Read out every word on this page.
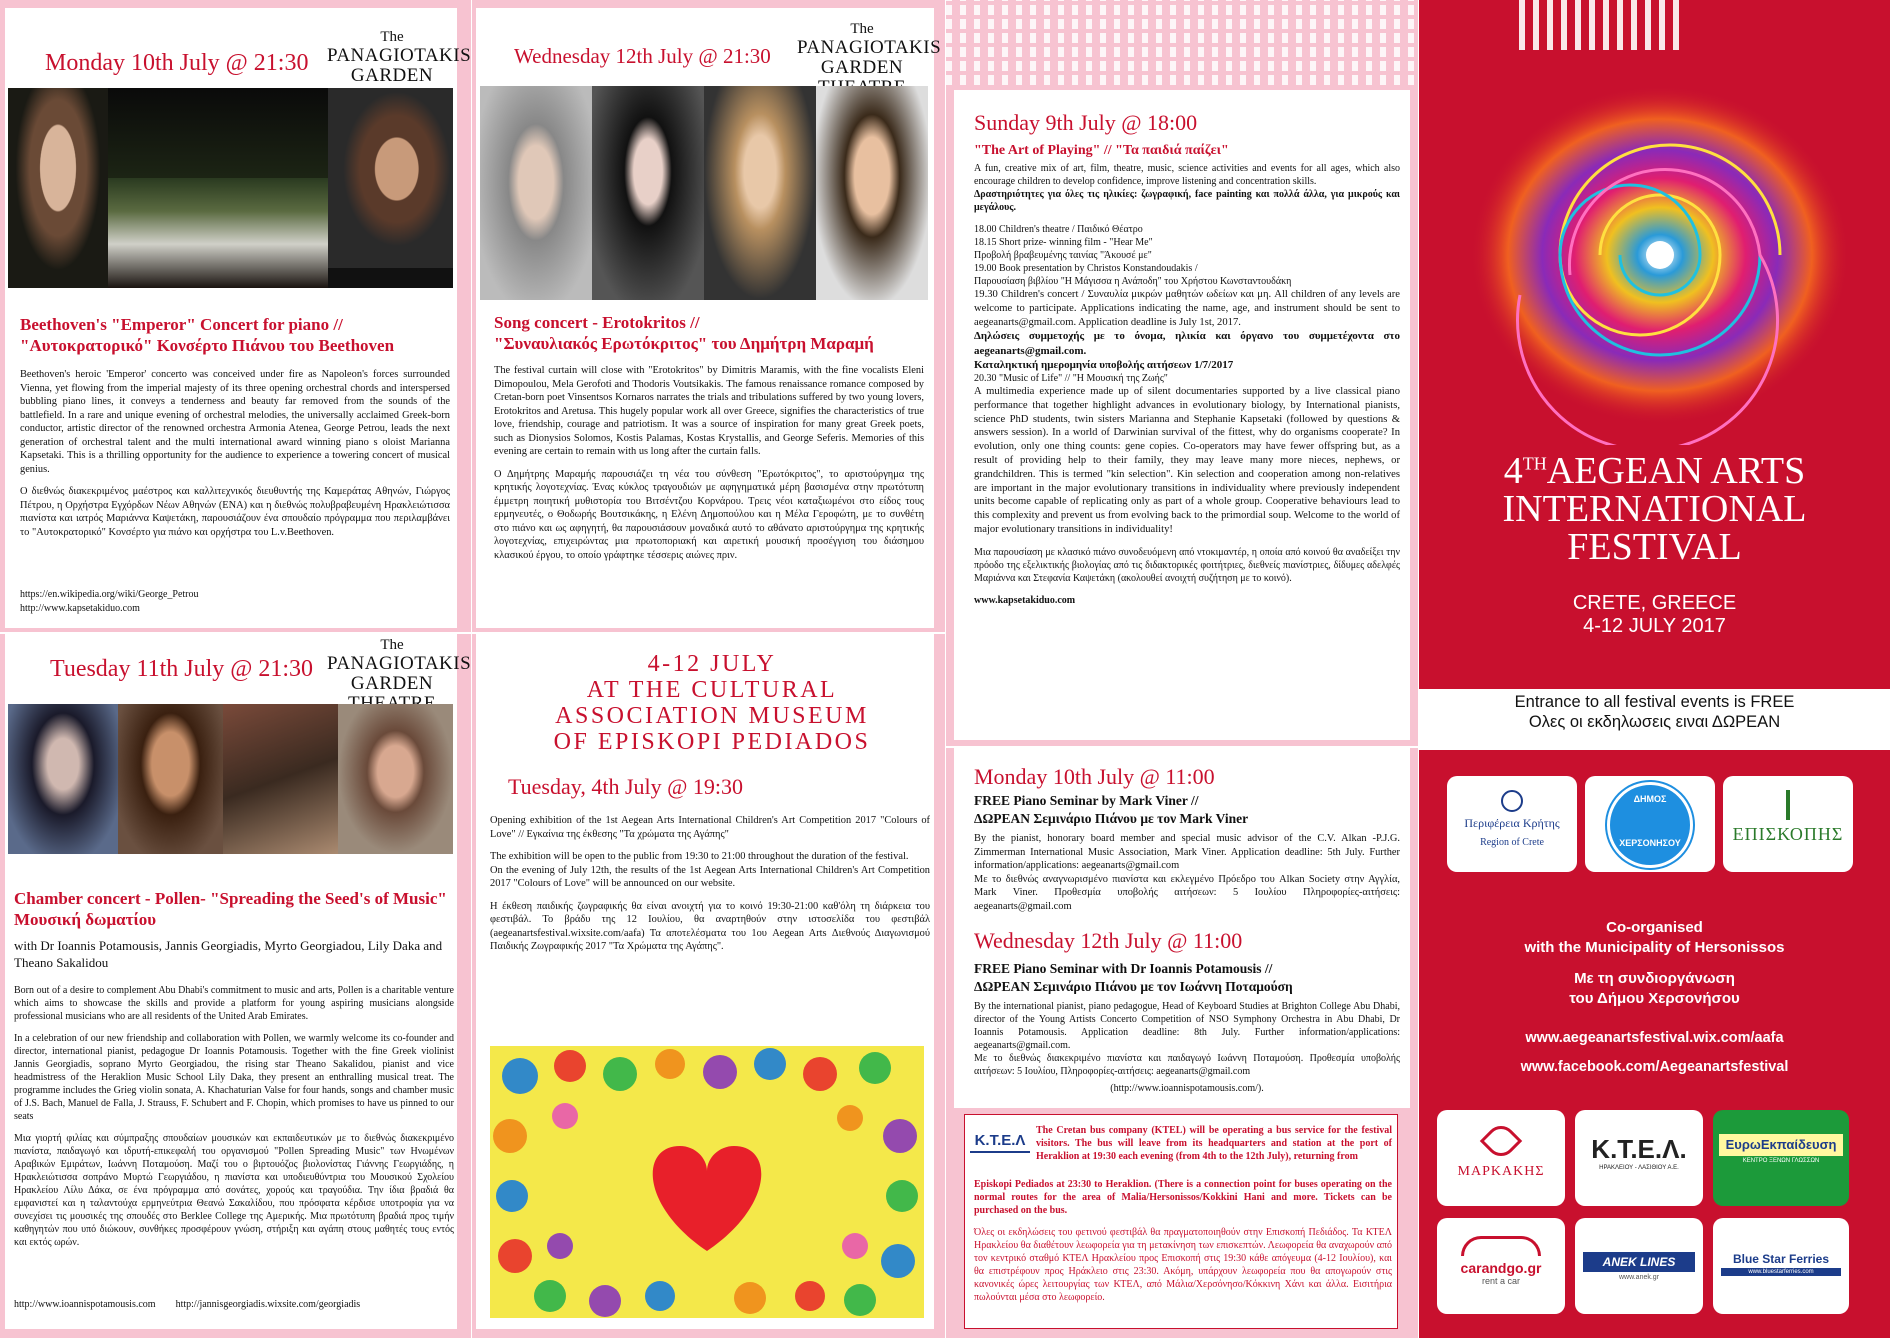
Monday 10th July @ 21:30
The
PANAGIOTAKIS
GARDEN
Beethoven's "Emperor" Concert for piano //
"Αυτοκρατορικό" Κονσέρτο Πιάνου του Beethoven

Beethoven's heroic 'Emperor' concerto was conceived under fire as Napoleon's forces surrounded Vienna, yet flowing from the imperial majesty of its three opening orchestral chords and interspersed bubbling piano lines, it conveys a tenderness and beauty far removed from the sounds of the battlefield. In a rare and unique evening of orchestral melodies, the universally acclaimed Greek-born conductor, artistic director of the renowned orchestra Armonia Atenea, George Petrou, leads the next generation of orchestral talent and the multi international award winning piano s oloist Marianna Kapsetaki. This is a thrilling opportunity for the audience to experience a towering concert of musical genius.

Ο διεθνώς διακεκριμένος μαέστρος και καλλιτεχνικός διευθυντής της Καμεράτας Αθηνών, Γιώργος Πέτρου, η Ορχήστρα Εγχόρδων Νέων Αθηνών (ΕΝΑ) και η διεθνώς πολυβραβευμένη Ηρακλειώτισσα πιανίστα και ιατρός Μαριάννα Καψετάκη, παρουσιάζουν ένα σπουδαίο πρόγραμμα που περιλαμβάνει το "Αυτοκρατορικό" Κονσέρτο για πιάνο και ορχήστρα του L.v.Beethoven.

https://en.wikipedia.org/wiki/George_Petrou
http://www.kapsetakiduo.com
Tuesday 11th July @ 21:30
The
PANAGIOTAKIS
GARDEN
Chamber concert - Pollen- "Spreading the Seed's of Music"
Μουσική δωματίου
with Dr Ioannis Potamousis, Jannis Georgiadis, Myrto Georgiadou, Lily Daka and Theano Sakalidou

Born out of a desire to complement Abu Dhabi's commitment to music and arts, Pollen is a charitable venture which aims to showcase the skills and provide a platform for young aspiring musicians alongside professional musicians who are all residents of the United Arab Emirates.

In a celebration of our new friendship and collaboration with Pollen, we warmly welcome its co-founder and director, international pianist, pedagogue Dr Ioannis Potamousis. Together with the fine Greek violinist Jannis Georgiadis, soprano Myrto Georgiadou, the rising star Theano Sakalidou, pianist and vice headmistress of the Heraklion Music School Lily Daka, they present an enthralling musical treat. The programme includes the Grieg violin sonata, A. Khachaturian Valse for four hands, songs and chamber music of J.S. Bach, Manuel de Falla, J. Strauss, F. Schubert and F. Chopin, which promises to have us pinned to our seats

Μια γιορτή φιλίας και σύμπραξης σπουδαίων μουσικών και εκπαιδευτικών με το διεθνώς διακεκριμένο πιανίστα, παιδαγωγό και ιδρυτή-επικεφαλή του οργανισμού "Pollen Spreading Music" των Ηνωμένων Αραβικών Εμιράτων, Ιωάννη Ποταμούση. Μαζί του ο βιρτουόζος βιολονίστας Γιάννης Γεωργιάδης, η Ηρακλειώτισσα σοπράνο Μυρτώ Γεωργιάδου, η πιανίστα και υποδιευθύντρια του Μουσικού Σχολείου Ηρακλείου Λίλυ Δάκα, σε ένα πρόγραμμα από σονάτες, χορούς και τραγούδια. Την ίδια βραδιά θα εμφανιστεί και η ταλαντούχα ερμηνεύτρια Θεανώ Σακαλίδου, που πρόσφατα κέρδισε υποτροφία για να συνεχίσει τις μουσικές της σπουδές στο Berklee College της Αμερικής. Μια πρωτότυπη βραδιά προς τιμήν καθηγητών που υπό διώκουν, συνθήκες προσφέρουν γνώση, στήριξη και αγάπη στους μαθητές τους εντός και εκτός ωρών.

http://www.ioannispotamousis.com http://jannisgeorgiadis.wixsite.com/georgiadis
Wednesday 12th July @ 21:30
The
PANAGIOTAKIS
GARDEN
Song concert - Erotokritos //
"Συναυλιακός Ερωτόκριτος" του Δημήτρη Μαραμή

The festival curtain will close with "Erotokritos" by Dimitris Maramis, with the fine vocalists Eleni Dimopoulou, Mela Gerofoti and Thodoris Voutsikakis. The famous renaissance romance composed by Cretan-born poet Vinsentsos Kornaros narrates the trials and tribulations suffered by two young lovers, Erotokritos and Aretusa. This hugely popular work all over Greece, signifies the characteristics of true love, friendship, courage and patriotism. It was a source of inspiration for many great Greek poets, such as Dionysios Solomos, Kostis Palamas, Kostas Krystallis, and George Seferis. Memories of this evening are certain to remain with us long after the curtain falls.

Ο Δημήτρης Μαραμής παρουσιάζει τη νέα του σύνθεση "Ερωτόκριτος", το αριστούργημα της κρητικής λογοτεχνίας. Ένας κύκλος τραγουδιών με αφηγηματικά μέρη βασισμένα στην πρωτότυπη έμμετρη ποιητική μυθιστορία του Βιτσέντζου Κορνάρου. Τρεις νέοι καταξιωμένοι στο είδος τους ερμηνευτές, ο Θοδωρής Βουτσικάκης, η Ελένη Δημοπούλου και η Μέλα Γεροφώτη, με το συνθέτη στο πιάνο και ως αφηγητή, θα παρουσιάσουν μοναδικά αυτό το αθάνατο αριστούργημα της κρητικής λογοτεχνίας, επιχειρώντας μια πρωτοποριακή και αιρετική μουσική προσέγγιση του διάσημου κλασικού έργου, το οποίο γράφτηκε τέσσερις αιώνες πριν.

4-12 JULY
AT THE CULTURAL
ASSOCIATION MUSEUM
OF EPISKOPI PEDIADOS
Tuesday, 4th July @ 19:30

Opening exhibition of the 1st Aegean Arts International Children's Art Competition 2017 "Colours of Love" // Εγκαίνια της έκθεσης "Τα χρώματα της Αγάπης"

The exhibition will be open to the public from 19:30 to 21:00 throughout the duration of the festival.

On the evening of July 12th, the results of the 1st Aegean Arts International Children's Art Competition 2017 "Colours of Love" will be announced on our website.

Η έκθεση παιδικής ζωγραφικής θα είναι ανοιχτή για το κοινό 19:30-21:00 καθ'όλη τη διάρκεια του φεστιβάλ. Το βράδυ της 12 Ιουλίου, θα αναρτηθούν στην ιστοσελίδα του φεστιβάλ (aegeanartsfestival.wixsite.com/aafa) Τα αποτελέσματα του 1ου Aegean Arts Διεθνούς Διαγωνισμού Παιδικής Ζωγραφικής 2017 "Τα Χρώματα της Αγάπης".

Sunday 9th July @ 18:00
"The Art of Playing" // "Τα παιδιά παίζει"

A fun, creative mix of art, film, theatre, music, science activities and events for all ages, which also encourage children to develop confidence, improve listening and concentration skills.

Δραστηριότητες για όλες τις ηλικίες: ζωγραφική, face painting και πολλά άλλα, για μικρούς και μεγάλους.

18.00 Children's theatre / Παιδικό Θέατρο
18.15 Short prize- winning film - "Hear Me"
Προβολή βραβευμένης ταινίας "Άκουσέ με"
19.00 Book presentation by Christos Konstandoudakis /
Παρουσίαση βιβλίου "Η Μάγισσα η Ανάποδη" του Χρήστου Κωνσταντουδάκη

19.30 Children's concert / Συναυλία μικρών μαθητών ωδείων και μη. All children of any levels are welcome to participate. Applications indicating the name, age, and instrument should be sent to aegeanarts@gmail.com. Application deadline is July 1st, 2017.

Δηλώσεις συμμετοχής με το όνομα, ηλικία και όργανο του συμμετέχοντα στο aegeanarts@gmail.com.

Καταληκτική ημερομηνία υποβολής αιτήσεων 1/7/2017

20.30 "Music of Life" // "Η Μουσική της Ζωής"

A multimedia experience made up of silent documentaries supported by a live classical piano performance that together highlight advances in evolutionary biology, by International pianists, science PhD students, twin sisters Marianna and Stephanie Kapsetaki (followed by questions & answers session). In a world of Darwinian survival of the fittest, why do organisms cooperate? In evolution, only one thing counts: gene copies. Co-operators may have fewer offspring but, as a result of providing help to their family, they may leave many more nieces, nephews, or grandchildren. This is termed "kin selection". Kin selection and cooperation among non-relatives are important in the major evolutionary transitions in individuality where previously independent units become capable of replicating only as part of a whole group. Cooperative behaviours lead to this complexity and prevent us from evolving back to the primordial soup. Welcome to the world of major evolutionary transitions in individuality!

Μια παρουσίαση με κλασικό πιάνο συνοδευόμενη από ντοκιμαντέρ, η οποία από κοινού θα αναδείξει την πρόοδο της εξελικτικής βιολογίας από τις διδακτορικές φοιτήτριες, διεθνείς πιανίστριες, δίδυμες αδελφές Μαριάννα και Στεφανία Καψετάκη (ακολουθεί ανοιχτή συζήτηση με το κοινό).

www.kapsetakiduo.com

Monday 10th July @ 11:00
FREE Piano Seminar by Mark Viner //
ΔΩΡΕΑΝ Σεμινάριο Πιάνου με τον Mark Viner

By the pianist, honorary board member and special music advisor of the C.V. Alkan -P.J.G. Zimmerman International Music Association, Mark Viner. Application deadline: 5th July. Further information/applications: aegeanarts@gmail.com

Με το διεθνώς αναγνωρισμένο πιανίστα και εκλεγμένο Πρόεδρο του Alkan Society στην Αγγλία, Mark Viner. Προθεσμία υποβολής αιτήσεων: 5 Ιουλίου Πληροφορίες-αιτήσεις: aegeanarts@gmail.com

Wednesday 12th July @ 11:00
FREE Piano Seminar with Dr Ioannis Potamousis //
ΔΩΡΕΑΝ Σεμινάριο Πιάνου με τον Ιωάννη Ποταμούση

By the international pianist, piano pedagogue, Head of Keyboard Studies at Brighton College Abu Dhabi, director of the Young Artists Concerto Competition of NSO Symphony Orchestra in Abu Dhabi, Dr Ioannis Potamousis. Application deadline: 8th July. Further information/applications: aegeanarts@gmail.com.

Με το διεθνώς διακεκριμένο πιανίστα και παιδαγωγό Ιωάννη Ποταμούση. Προθεσμία υποβολής αιτήσεων: 5 Ιουλίου, Πληροφορίες-αιτήσεις: aegeanarts@gmail.com

(http://www.ioannispotamousis.com/).

Κ.Τ.Ε.Λ

The Cretan bus company (KTEL) will be operating a bus service for the festival visitors. The bus will leave from its headquarters and station at the port of Heraklion at 19:30 each evening (from 4th to the 12th July), returning from

Episkopi Pediados at 23:30 to Heraklion. (There is a connection point for buses operating on the normal routes for the area of Malia/Hersonissos/Kokkini Hani and more. Tickets can be purchased on the bus.

Όλες οι εκδηλώσεις του φετινού φεστιβάλ θα πραγματοποιηθούν στην Επισκοπή Πεδιάδος. Τα ΚΤΕΛ Ηρακλείου θα διαθέτουν λεωφορεία για τη μετακίνηση των επισκεπτών. Λεωφορεία θα αναχωρούν από τον κεντρικό σταθμό ΚΤΕΛ Ηρακλείου προς Επισκοπή στις 19:30 κάθε απόγευμα (4-12 Ιουλίου), και θα επιστρέφουν προς Ηράκλειο στις 23:30. Ακόμη, υπάρχουν λεωφορεία που θα απογωρούν στις κανονικές ώρες λειτουργίας των ΚΤΕΛ, από Μάλια/Χερσόνησο/Κόκκινη Χάνι και άλλα. Εισιτήρια πωλούνται μέσα στο λεωφορείο.

4THAEGEAN ARTS
INTERNATIONAL
FESTIVAL
CRETE, GREECE
4-12 JULY 2017
Entrance to all festival events is FREE
Ολες οι εκδηλωσεις ειναι ΔΩΡΕΑΝ
Περιφέρεια Κρήτης
Region of Crete
ΔΗΜΟΣ
ΧΕΡΣΟΝΗΣΟΥ	ΕΠΙΣΚΟΠΗΣ
Co-organised
with the Municipality of Hersonissos
Με τη συνδιοργάνωση
του Δήμου Χερσονήσου
www.aegeanartsfestival.wix.com/aafa
www.facebook.com/Aegeanartsfestival
ΜΑΡΚΑΚΗΣ
Κ.Τ.Ε.Λ.
ΗΡΑΚΛΕΙΟΥ - ΛΑΣΙΘΙΟΥ Α.Ε.
ΕυρωΕκπαίδευση
ΚΕΝΤΡΟ ΞΕΝΩΝ ΓΛΩΣΣΩΝ
carandgo.gr
rent a car
ANEK LINES
www.anek.gr
Blue Star Ferries
www.bluestarferries.com
